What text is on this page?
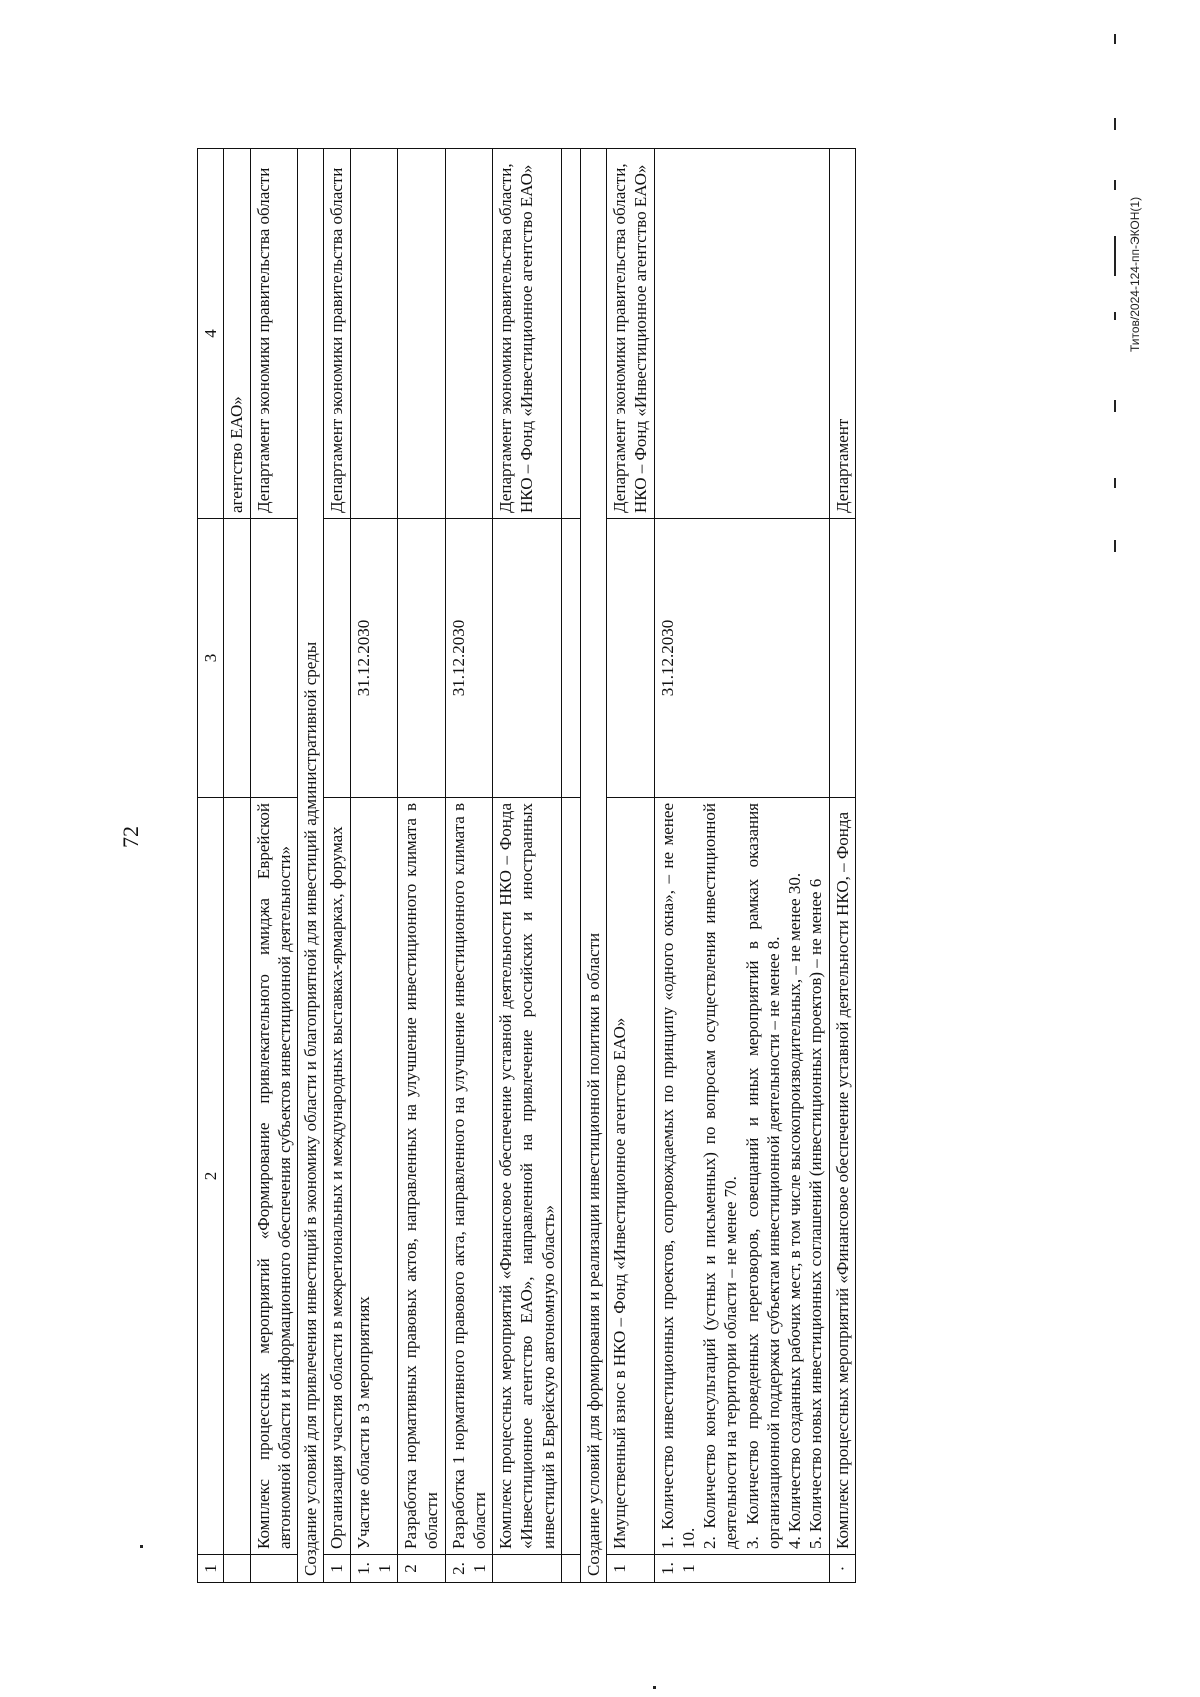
72
Титов/2024-124-пп-ЭКОН(1)
1	2	3	4
			агентство ЕАО»
	Комплекс процессных мероприятий «Формирование привлекательного имиджа Еврейской автономной области и информационного обеспечения субъектов инвестиционной деятельности»		Департамент экономики правительства области
Создание условий для привлечения инвестиций в экономику области и благоприятной для инвестиций административной среды			
1	Организация участия области в межрегиональных и международных выставках-ярмарках, форумах		Департамент экономики правительства области
1.1	Участие области в 3 мероприятиях	31.12.2030	
2	Разработка нормативных правовых актов, направленных на улучшение инвестиционного климата в области		
2.1	Разработка 1 нормативного правового акта, направленного на улучшение инвестиционного климата в области	31.12.2030	
	Комплекс процессных мероприятий «Финансовое обеспечение уставной деятельности НКО – Фонда «Инвестиционное агентство ЕАО», направленной на привлечение российских и иностранных инвестиций в Еврейскую автономную область»		Департамент экономики правительства области, НКО – Фонд «Инвестиционное агентство ЕАО»

Создание условий для формирования и реализации инвестиционной политики в области			
1	Имущественный взнос в НКО – Фонд «Инвестиционное агентство ЕАО»		Департамент экономики правительства области, НКО – Фонд «Инвестиционное агентство ЕАО»
1.1	1. Количество инвестиционных проектов, сопровождаемых по принципу «одного окна», – не менее 10. 2. Количество консультаций (устных и письменных) по вопросам осуществления инвестиционной деятельности на территории области – не менее 70. 3. Количество проведенных переговоров, совещаний и иных мероприятий в рамках оказания организационной поддержки субъектам инвестиционной деятельности – не менее 8. 4. Количество созданных рабочих мест, в том числе высокопроизводительных, – не менее 30. 5. Количество новых инвестиционных соглашений (инвестиционных проектов) – не менее 6	31.12.2030	
·	Комплекс процессных мероприятий «Финансовое обеспечение уставной деятельности НКО, – Фонда		Департамент
